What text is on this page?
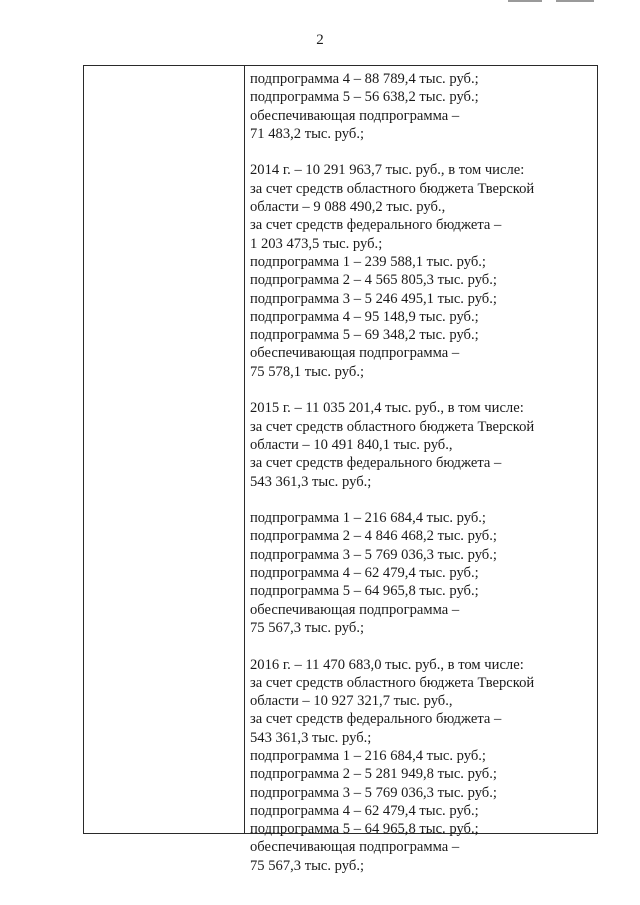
2
подпрограмма 4 – 88 789,4 тыс. руб.;
подпрограмма 5 – 56 638,2 тыс. руб.;
обеспечивающая подпрограмма –
71 483,2 тыс. руб.;
2014 г. – 10 291 963,7 тыс. руб., в том числе:
за счет средств областного бюджета Тверской
области – 9 088 490,2 тыс. руб.,
за счет средств федерального бюджета –
1 203 473,5 тыс. руб.;
подпрограмма 1 – 239 588,1 тыс. руб.;
подпрограмма 2 – 4 565 805,3 тыс. руб.;
подпрограмма 3 – 5 246 495,1 тыс. руб.;
подпрограмма 4 – 95 148,9 тыс. руб.;
подпрограмма 5 – 69 348,2 тыс. руб.;
обеспечивающая подпрограмма –
75 578,1 тыс. руб.;
2015 г. – 11 035 201,4 тыс. руб., в том числе:
за счет средств областного бюджета Тверской
области – 10 491 840,1 тыс. руб.,
за счет средств федерального бюджета –
543 361,3 тыс. руб.;
подпрограмма 1 – 216 684,4 тыс. руб.;
подпрограмма 2 – 4 846 468,2 тыс. руб.;
подпрограмма 3 – 5 769 036,3 тыс. руб.;
подпрограмма 4 – 62 479,4 тыс. руб.;
подпрограмма 5 – 64 965,8 тыс. руб.;
обеспечивающая подпрограмма –
75 567,3 тыс. руб.;
2016 г. – 11 470 683,0 тыс. руб., в том числе:
за счет средств областного бюджета Тверской
области – 10 927 321,7 тыс. руб.,
за счет средств федерального бюджета –
543 361,3 тыс. руб.;
подпрограмма 1 – 216 684,4 тыс. руб.;
подпрограмма 2 – 5 281 949,8 тыс. руб.;
подпрограмма 3 – 5 769 036,3 тыс. руб.;
подпрограмма 4 – 62 479,4 тыс. руб.;
подпрограмма 5 – 64 965,8 тыс. руб.;
обеспечивающая подпрограмма –
75 567,3 тыс. руб.;
